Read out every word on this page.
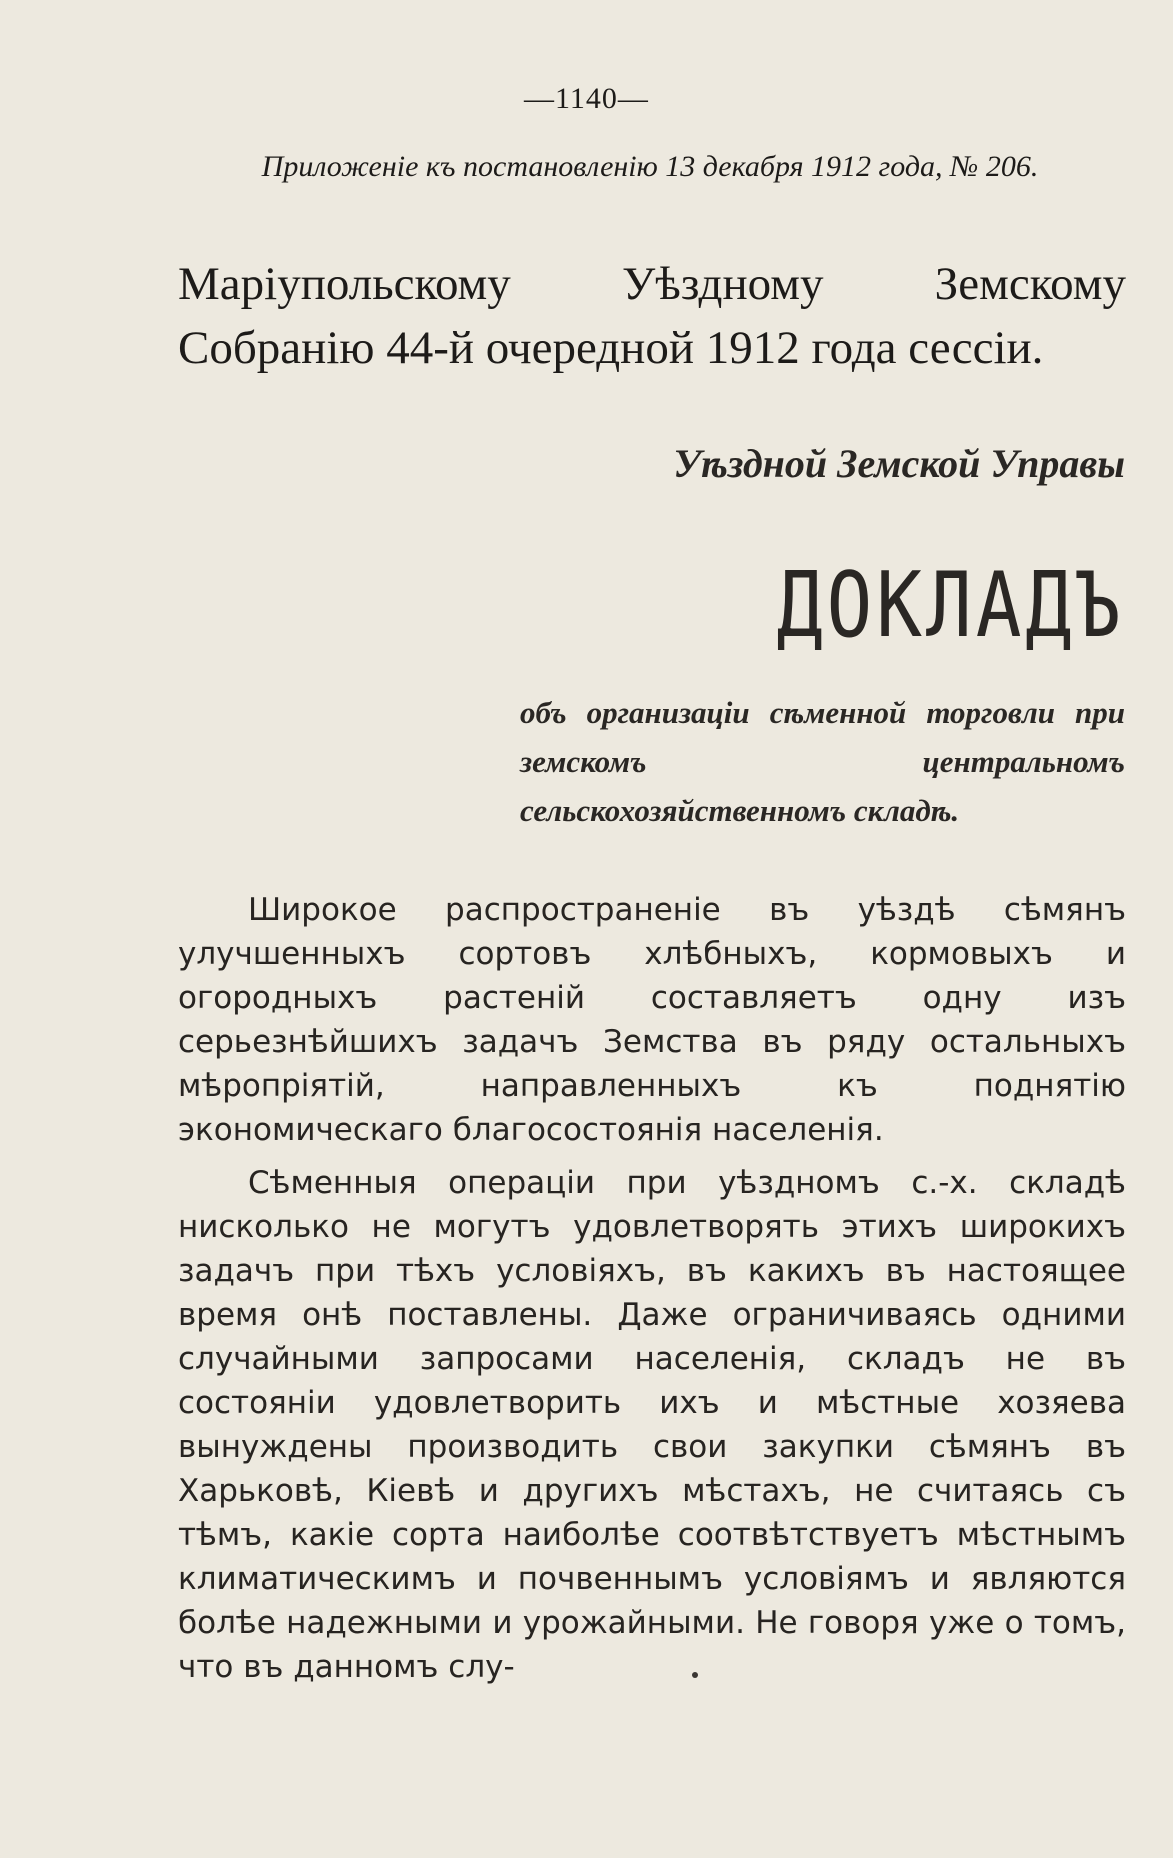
—1140—
Приложеніе къ постановленію 13 декабря 1912 года, № 206.
Маріупольскому Уѣздному Земскому Собранію 44-й очередной 1912 года сессіи.
Уѣздной Земской Управы
ДОКЛАДЪ
объ организаціи сѣменной торговли при земскомъ центральномъ сельскохозяйственномъ складѣ.

Широкое распространеніе въ уѣздѣ сѣмянъ улучшенныхъ сортовъ хлѣбныхъ, кормовыхъ и огородныхъ растеній составляетъ одну изъ серьезнѣйшихъ задачъ Земства въ ряду остальныхъ мѣропріятій, направленныхъ къ поднятію экономическаго благосостоянія населенія.

Сѣменныя операціи при уѣздномъ с.-х. складѣ нисколько не могутъ удовлетворять этихъ широкихъ задачъ при тѣхъ условіяхъ, въ какихъ въ настоящее время онѣ поставлены. Даже ограничиваясь одними случайными запросами населенія, складъ не въ состояніи удовлетворить ихъ и мѣстные хозяева вынуждены производить свои закупки сѣмянъ въ Харьковѣ, Кіевѣ и другихъ мѣстахъ, не считаясь съ тѣмъ, какіе сорта наиболѣе соотвѣтствуетъ мѣстнымъ климатическимъ и почвеннымъ условіямъ и являются болѣе надежными и урожайными. Не говоря уже о томъ, что въ данномъ слу-
